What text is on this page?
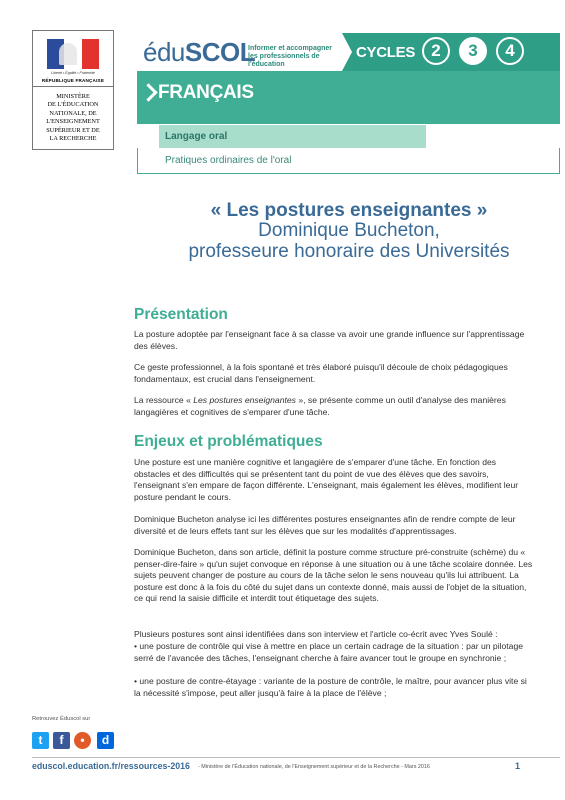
Liberté • Égalité • Fraternité
RÉPUBLIQUE FRANÇAISE
MINISTÈRE
DE L'ÉDUCATION
NATIONALE, DE
L'ENSEIGNEMENT
SUPÉRIEUR ET DE
LA RECHERCHE
éduSCOL
Informer et accompagner
les professionnels de l'éducation
CYCLES 2	3	4
FRANÇAIS
Langage oral
Pratiques ordinaires de l'oral
« Les postures enseignantes »
Dominique Bucheton,
professeure honoraire des Universités
Présentation
La posture adoptée par l'enseignant face à sa classe va avoir une grande influence sur l'apprentissage des élèves.
Ce geste professionnel, à la fois spontané et très élaboré puisqu'il découle de choix pédagogiques fondamentaux, est crucial dans l'enseignement.
La ressource « Les postures enseignantes », se présente comme un outil d'analyse des manières langagières et cognitives de s'emparer d'une tâche.
Enjeux et problématiques
Une posture est une manière cognitive et langagière de s'emparer d'une tâche. En fonction des obstacles et des difficultés qui se présentent tant du point de vue des élèves que des savoirs, l'enseignant s'en empare de façon différente. L'enseignant, mais également les élèves, modifient leur posture pendant le cours.
Dominique Bucheton analyse ici les différentes postures enseignantes afin de rendre compte de leur diversité et de leurs effets tant sur les élèves que sur les modalités d'apprentissages.
Dominique Bucheton, dans son article, définit la posture comme structure pré-construite (schème) du « penser-dire-faire » qu'un sujet convoque en réponse à une situation ou à une tâche scolaire donnée. Les sujets peuvent changer de posture au cours de la tâche selon le sens nouveau qu'ils lui attribuent. La posture est donc à la fois du côté du sujet dans un contexte donné, mais aussi de l'objet de la situation, ce qui rend la saisie difficile et interdit tout étiquetage des sujets.
Plusieurs postures sont ainsi identifiées dans son interview et l'article co-écrit avec Yves Soulé :
• une posture de contrôle qui vise à mettre en place un certain cadrage de la situation : par un pilotage serré de l'avancée des tâches, l'enseignant cherche à faire avancer tout le groupe en synchronie ;
• une posture de contre-étayage : variante de la posture de contrôle, le maître, pour avancer plus vite si la nécessité s'impose, peut aller jusqu'à faire à la place de l'élève ;
Retrouvez Éduscol sur
t	f	•	d
eduscol.education.fr/ressources-2016 - Ministère de l'Éducation nationale, de l'Enseignement supérieur et de la Recherche - Mars 2016	1
